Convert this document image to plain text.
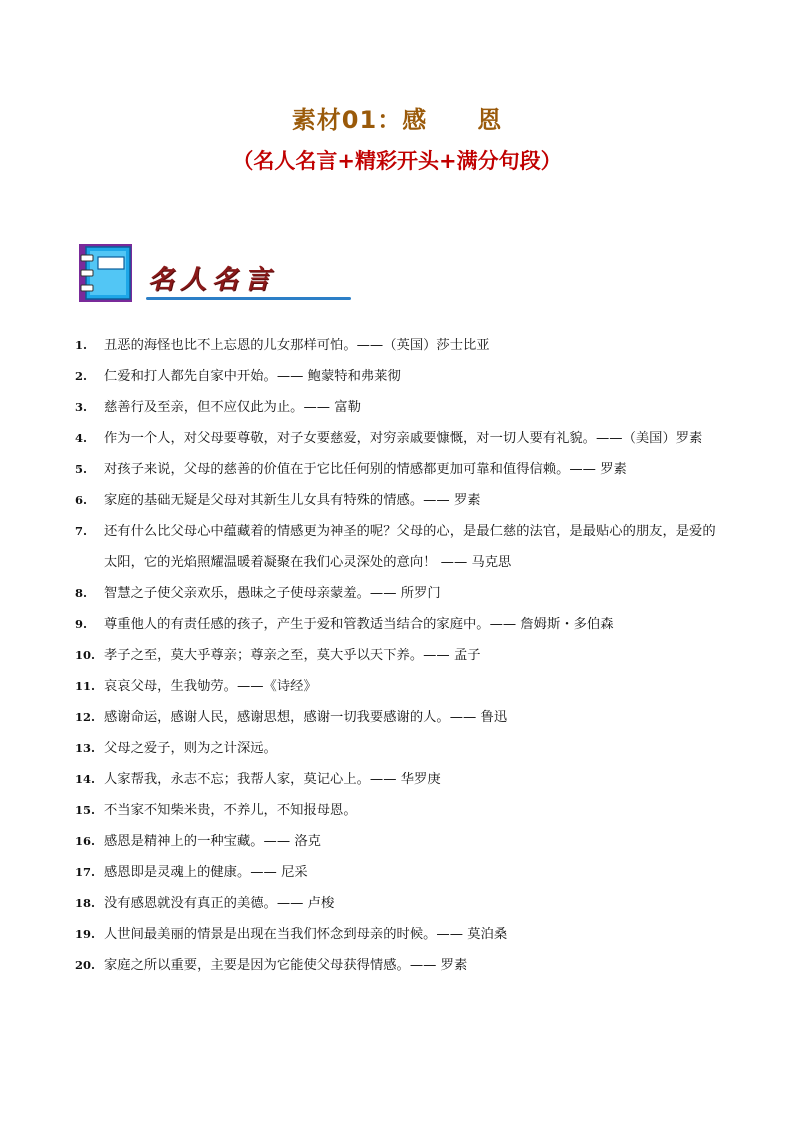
素材01：感　　恩
（名人名言+精彩开头+满分句段）
名人名言
1.	丑恶的海怪也比不上忘恩的儿女那样可怕。——（英国）莎士比亚
2.	仁爱和打人都先自家中开始。—— 鲍蒙特和弗莱彻
3.	慈善行及至亲，但不应仅此为止。—— 富勒
4.	作为一个人，对父母要尊敬，对子女要慈爱，对穷亲戚要慷慨，对一切人要有礼貌。——（美国）罗素
5.	对孩子来说，父母的慈善的价值在于它比任何别的情感都更加可靠和值得信赖。—— 罗素
6.	家庭的基础无疑是父母对其新生儿女具有特殊的情感。—— 罗素
7.	还有什么比父母心中蕴藏着的情感更为神圣的呢？父母的心，是最仁慈的法官，是最贴心的朋友，是爱的太阳，它的光焰照耀温暖着凝聚在我们心灵深处的意向！ —— 马克思
8.	智慧之子使父亲欢乐，愚昧之子使母亲蒙羞。—— 所罗门
9.	尊重他人的有责任感的孩子，产生于爱和管教适当结合的家庭中。—— 詹姆斯・多伯森
10. 孝子之至，莫大乎尊亲；尊亲之至，莫大乎以天下养。—— 孟子
11. 哀哀父母，生我劬劳。——《诗经》
12. 感谢命运，感谢人民，感谢思想，感谢一切我要感谢的人。—— 鲁迅
13. 父母之爱子，则为之计深远。
14. 人家帮我，永志不忘；我帮人家，莫记心上。—— 华罗庚
15. 不当家不知柴米贵，不养儿，不知报母恩。
16. 感恩是精神上的一种宝藏。—— 洛克
17. 感恩即是灵魂上的健康。—— 尼采
18. 没有感恩就没有真正的美德。—— 卢梭
19. 人世间最美丽的情景是出现在当我们怀念到母亲的时候。—— 莫泊桑
20. 家庭之所以重要，主要是因为它能使父母获得情感。—— 罗素
